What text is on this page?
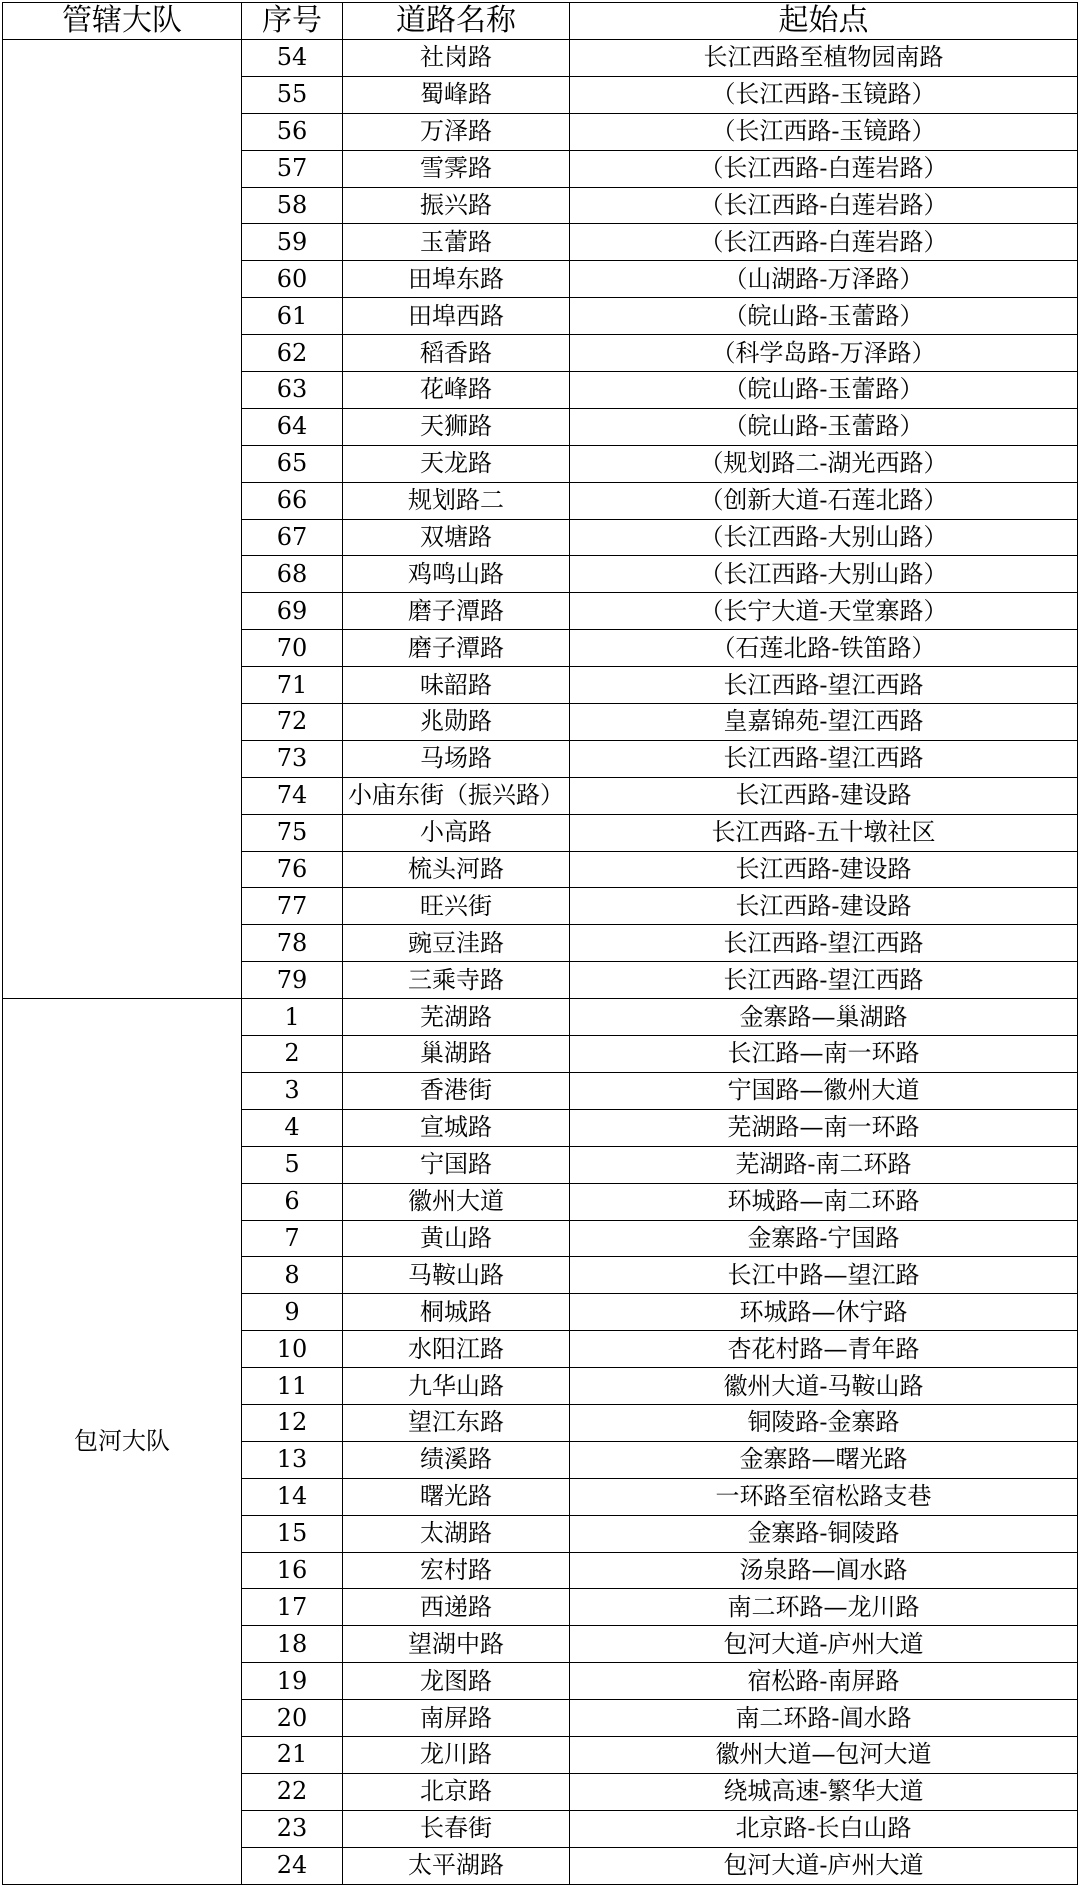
管辖大队	序号	道路名称	起始点
	54	社岗路	长江西路至植物园南路
	55	蜀峰路	（长江西路-玉镜路）
	56	万泽路	（长江西路-玉镜路）
	57	雪霁路	（长江西路-白莲岩路）
	58	振兴路	（长江西路-白莲岩路）
	59	玉蕾路	（长江西路-白莲岩路）
	60	田埠东路	（山湖路-万泽路）
	61	田埠西路	（皖山路-玉蕾路）
	62	稻香路	（科学岛路-万泽路）
	63	花峰路	（皖山路-玉蕾路）
	64	天狮路	（皖山路-玉蕾路）
	65	天龙路	（规划路二-湖光西路）
	66	规划路二	（创新大道-石莲北路）
	67	双塘路	（长江西路-大别山路）
	68	鸡鸣山路	（长江西路-大别山路）
	69	磨子潭路	（长宁大道-天堂寨路）
	70	磨子潭路	（石莲北路-铁笛路）
	71	味韶路	长江西路-望江西路
	72	兆勋路	皇嘉锦苑-望江西路
	73	马场路	长江西路-望江西路
	74	小庙东街（振兴路）	长江西路-建设路
	75	小高路	长江西路-五十墩社区
	76	梳头河路	长江西路-建设路
	77	旺兴街	长江西路-建设路
	78	豌豆洼路	长江西路-望江西路
	79	三乘寺路	长江西路-望江西路
包河大队	1	芜湖路	金寨路—巢湖路
	2	巢湖路	长江路—南一环路
	3	香港街	宁国路—徽州大道
	4	宣城路	芜湖路—南一环路
	5	宁国路	芜湖路-南二环路
	6	徽州大道	环城路—南二环路
	7	黄山路	金寨路-宁国路
	8	马鞍山路	长江中路—望江路
	9	桐城路	环城路—休宁路
	10	水阳江路	杏花村路—青年路
	11	九华山路	徽州大道-马鞍山路
	12	望江东路	铜陵路-金寨路
	13	绩溪路	金寨路—曙光路
	14	曙光路	一环路至宿松路支巷
	15	太湖路	金寨路-铜陵路
	16	宏村路	汤泉路—阊水路
	17	西递路	南二环路—龙川路
	18	望湖中路	包河大道-庐州大道
	19	龙图路	宿松路-南屏路
	20	南屏路	南二环路-阊水路
	21	龙川路	徽州大道—包河大道
	22	北京路	绕城高速-繁华大道
	23	长春街	北京路-长白山路
	24	太平湖路	包河大道-庐州大道
